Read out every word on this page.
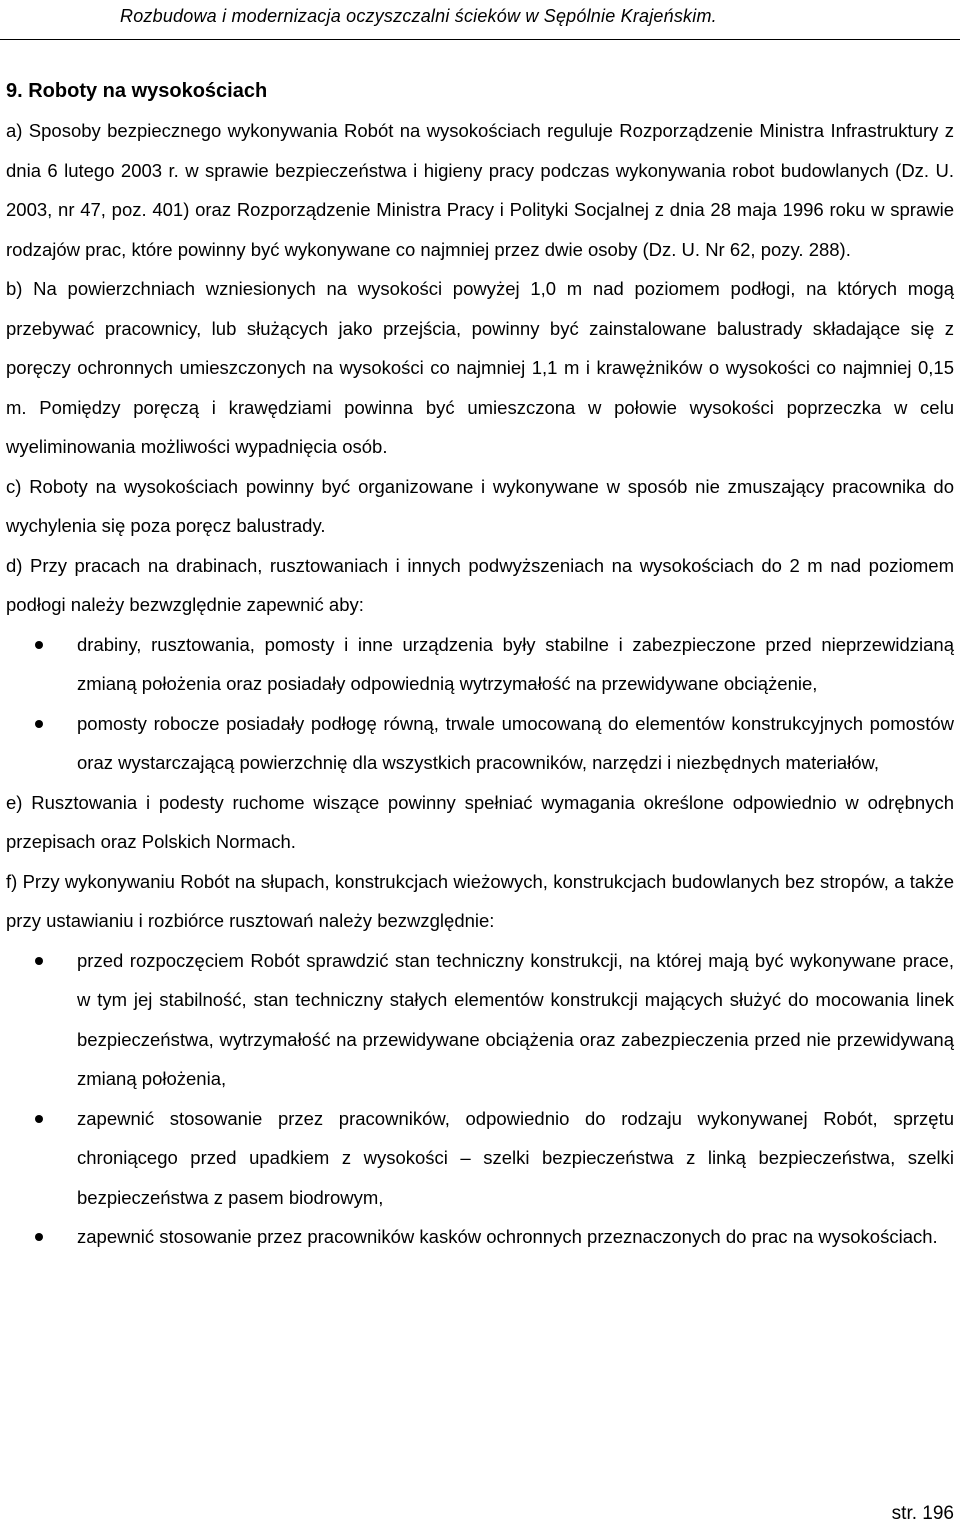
Rozbudowa i modernizacja oczyszczalni ścieków w Sępólnie Krajeńskim.

9. Roboty na wysokościach

a) Sposoby bezpiecznego wykonywania Robót na wysokościach reguluje Rozporządzenie Ministra Infrastruktury z dnia 6 lutego 2003 r. w sprawie bezpieczeństwa i higieny pracy podczas wykonywania robot budowlanych (Dz. U. 2003, nr 47, poz. 401) oraz Rozporządzenie Ministra Pracy i Polityki Socjalnej z dnia 28 maja 1996 roku w sprawie rodzajów prac, które powinny być wykonywane co najmniej przez dwie osoby (Dz. U. Nr 62, pozy. 288).

b) Na powierzchniach wzniesionych na wysokości powyżej 1,0 m nad poziomem podłogi, na których mogą przebywać pracownicy, lub służących jako przejścia, powinny być zainstalowane balustrady składające się z poręczy ochronnych umieszczonych na wysokości co najmniej 1,1 m i krawężników o wysokości co najmniej 0,15 m. Pomiędzy poręczą i krawędziami powinna być umieszczona w połowie wysokości poprzeczka w celu wyeliminowania możliwości wypadnięcia osób.

c) Roboty na wysokościach powinny być organizowane i wykonywane w sposób nie zmuszający pracownika do wychylenia się poza poręcz balustrady.

d) Przy pracach na drabinach, rusztowaniach i innych podwyższeniach na wysokościach do 2 m nad poziomem podłogi należy bezwzględnie zapewnić aby:

drabiny, rusztowania, pomosty i inne urządzenia były stabilne i zabezpieczone przed nieprzewidzianą zmianą położenia oraz posiadały odpowiednią wytrzymałość na przewidywane obciążenie,
pomosty robocze posiadały podłogę równą, trwale umocowaną do elementów konstrukcyjnych pomostów oraz wystarczającą powierzchnię dla wszystkich pracowników, narzędzi i niezbędnych materiałów,

e) Rusztowania i podesty ruchome wiszące powinny spełniać wymagania określone odpowiednio w odrębnych przepisach oraz Polskich Normach.

f) Przy wykonywaniu Robót na słupach, konstrukcjach wieżowych, konstrukcjach budowlanych bez stropów, a także przy ustawianiu i rozbiórce rusztowań należy bezwzględnie:

przed rozpoczęciem Robót sprawdzić stan techniczny konstrukcji, na której mają być wykonywane prace, w tym jej stabilność, stan techniczny stałych elementów konstrukcji mających służyć do mocowania linek bezpieczeństwa, wytrzymałość na przewidywane obciążenia oraz zabezpieczenia przed nie przewidywaną zmianą położenia,
zapewnić stosowanie przez pracowników, odpowiednio do rodzaju wykonywanej Robót, sprzętu chroniącego przed upadkiem z wysokości – szelki bezpieczeństwa z linką bezpieczeństwa, szelki bezpieczeństwa z pasem biodrowym,
zapewnić stosowanie przez pracowników kasków ochronnych przeznaczonych do prac na wysokościach.
str. 196
